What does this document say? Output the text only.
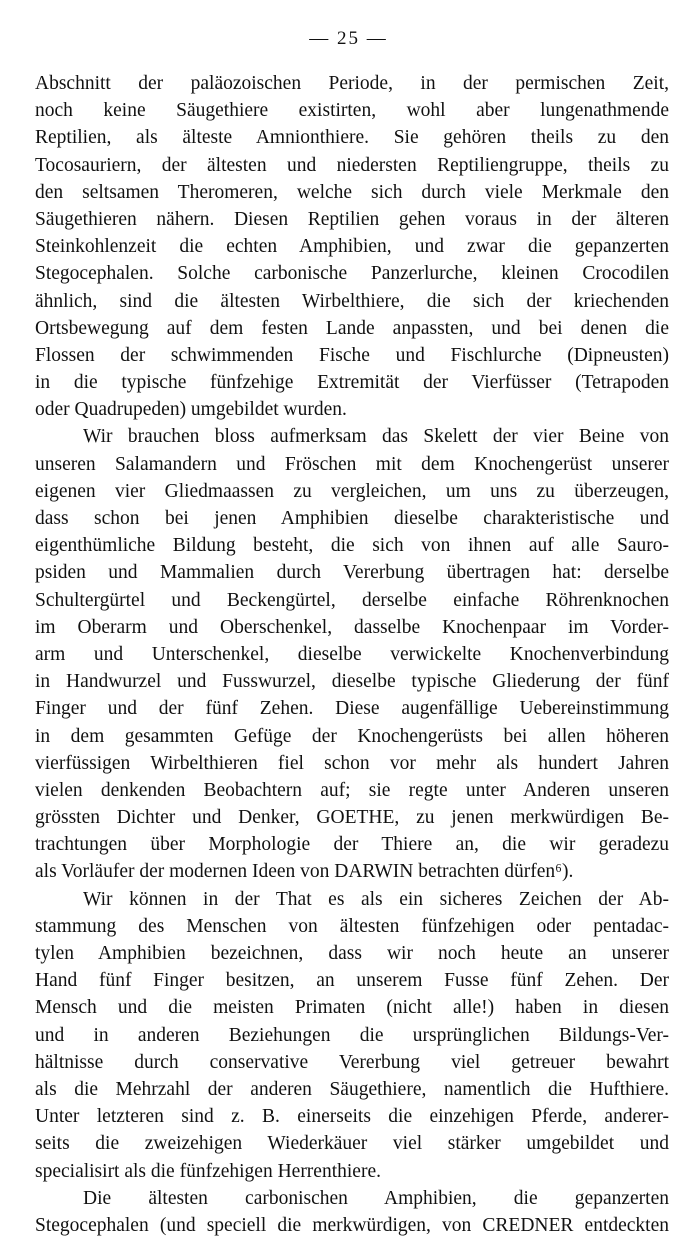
— 25 —
Abschnitt der paläozoischen Periode, in der permischen Zeit,
noch keine Säugethiere existirten, wohl aber lungenathmende
Reptilien, als älteste Amnionthiere. Sie gehören theils zu den
Tocosauriern, der ältesten und niedersten Reptiliengruppe, theils zu
den seltsamen Theromeren, welche sich durch viele Merkmale den
Säugethieren nähern. Diesen Reptilien gehen voraus in der älteren
Steinkohlenzeit die echten Amphibien, und zwar die gepanzerten
Stegocephalen. Solche carbonische Panzerlurche, kleinen Crocodilen
ähnlich, sind die ältesten Wirbelthiere, die sich der kriechenden
Ortsbewegung auf dem festen Lande anpassten, und bei denen die
Flossen der schwimmenden Fische und Fischlurche (Dipneusten)
in die typische fünfzehige Extremität der Vierfüsser (Tetrapoden
oder Quadrupeden) umgebildet wurden.
Wir brauchen bloss aufmerksam das Skelett der vier Beine von
unseren Salamandern und Fröschen mit dem Knochengerüst unserer
eigenen vier Gliedmaassen zu vergleichen, um uns zu überzeugen,
dass schon bei jenen Amphibien dieselbe charakteristische und
eigenthümliche Bildung besteht, die sich von ihnen auf alle Sauro-
psiden und Mammalien durch Vererbung übertragen hat: derselbe
Schultergürtel und Beckengürtel, derselbe einfache Röhrenknochen
im Oberarm und Oberschenkel, dasselbe Knochenpaar im Vorder-
arm und Unterschenkel, dieselbe verwickelte Knochenverbindung
in Handwurzel und Fusswurzel, dieselbe typische Gliederung der fünf
Finger und der fünf Zehen. Diese augenfällige Uebereinstimmung
in dem gesammten Gefüge der Knochengerüsts bei allen höheren
vierfüssigen Wirbelthieren fiel schon vor mehr als hundert Jahren
vielen denkenden Beobachtern auf; sie regte unter Anderen unseren
grössten Dichter und Denker, GOETHE, zu jenen merkwürdigen Be-
trachtungen über Morphologie der Thiere an, die wir geradezu
als Vorläufer der modernen Ideen von DARWIN betrachten dürfen⁶).
Wir können in der That es als ein sicheres Zeichen der Ab-
stammung des Menschen von ältesten fünfzehigen oder pentadac-
tylen Amphibien bezeichnen, dass wir noch heute an unserer
Hand fünf Finger besitzen, an unserem Fusse fünf Zehen. Der
Mensch und die meisten Primaten (nicht alle!) haben in diesen
und in anderen Beziehungen die ursprünglichen Bildungs-Ver-
hältnisse durch conservative Vererbung viel getreuer bewahrt
als die Mehrzahl der anderen Säugethiere, namentlich die Hufthiere.
Unter letzteren sind z. B. einerseits die einzehigen Pferde, anderer-
seits die zweizehigen Wiederkäuer viel stärker umgebildet und
specialisirt als die fünfzehigen Herrenthiere.
Die ältesten carbonischen Amphibien, die gepanzerten
Stegocephalen (und speciell die merkwürdigen, von CREDNER entdeckten
